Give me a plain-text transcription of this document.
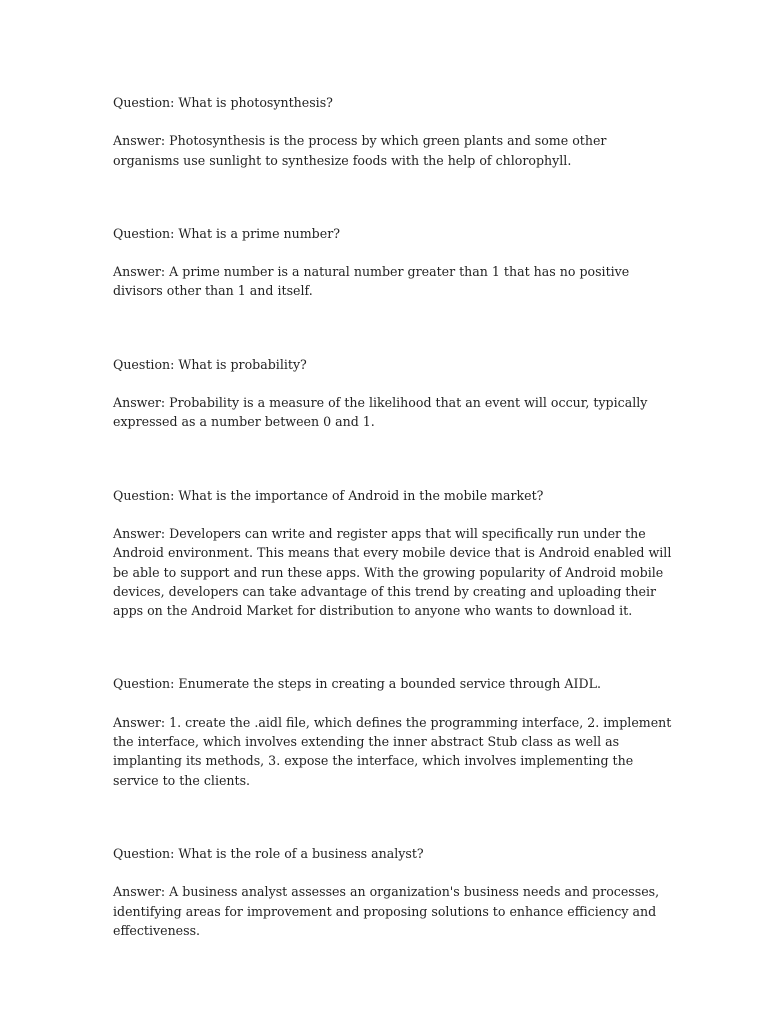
Question: What is photosynthesis?

Answer: Photosynthesis is the process by which green plants and some other organisms use sunlight to synthesize foods with the help of chlorophyll.

Question: What is a prime number?

Answer: A prime number is a natural number greater than 1 that has no positive divisors other than 1 and itself.

Question: What is probability?

Answer: Probability is a measure of the likelihood that an event will occur, typically expressed as a number between 0 and 1.

Question: What is the importance of Android in the mobile market?

Answer: Developers can write and register apps that will specifically run under the Android environment. This means that every mobile device that is Android enabled will be able to support and run these apps. With the growing popularity of Android mobile devices, developers can take advantage of this trend by creating and uploading their apps on the Android Market for distribution to anyone who wants to download it.

Question: Enumerate the steps in creating a bounded service through AIDL.

Answer: 1. create the .aidl file, which defines the programming interface, 2. implement the interface, which involves extending the inner abstract Stub class as well as implanting its methods, 3. expose the interface, which involves implementing the service to the clients.

Question: What is the role of a business analyst?

Answer: A business analyst assesses an organization's business needs and processes, identifying areas for improvement and proposing solutions to enhance efficiency and effectiveness.
